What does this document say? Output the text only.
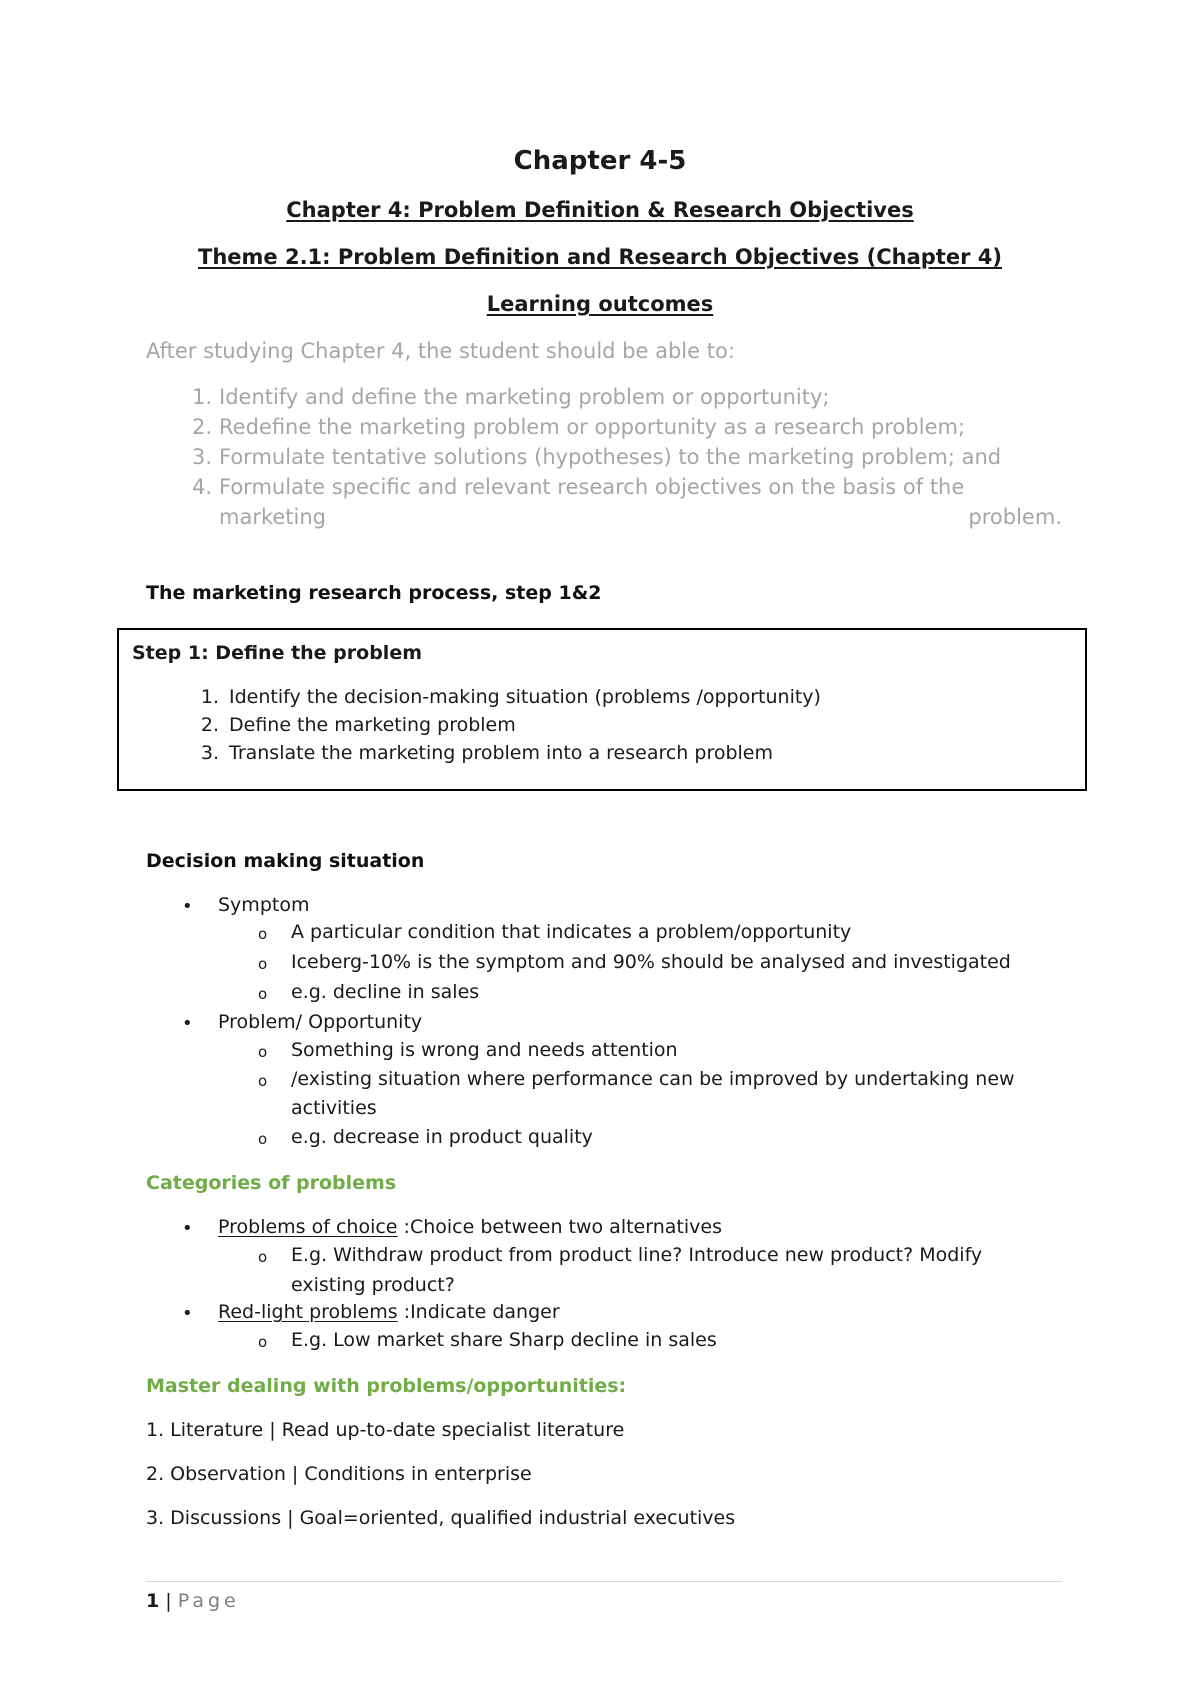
Chapter 4-5
Chapter 4: Problem Definition & Research Objectives
Theme 2.1: Problem Definition and Research Objectives (Chapter 4)
Learning outcomes
After studying Chapter 4, the student should be able to:
1. Identify and define the marketing problem or opportunity;
2. Redefine the marketing problem or opportunity as a research problem;
3. Formulate tentative solutions (hypotheses) to the marketing problem; and
4. Formulate specific and relevant research objectives on the basis of the
marketing	problem.
The marketing research process, step 1&2
Step 1: Define the problem
1. Identify the decision-making situation (problems /opportunity)
2. Define the marketing problem
3. Translate the marketing problem into a research problem
Decision making situation
• Symptom
o A particular condition that indicates a problem/opportunity
o Iceberg-10% is the symptom and 90% should be analysed and investigated
o e.g. decline in sales
• Problem/ Opportunity
o Something is wrong and needs attention
o /existing situation where performance can be improved by undertaking new
activities
o e.g. decrease in product quality
Categories of problems
• Problems of choice :Choice between two alternatives
o E.g. Withdraw product from product line? Introduce new product? Modify
existing product?
• Red-light problems :Indicate danger
o E.g. Low market share Sharp decline in sales
Master dealing with problems/opportunities:
1. Literature | Read up-to-date specialist literature
2. Observation | Conditions in enterprise
3. Discussions | Goal=oriented, qualified industrial executives
1 | Page
